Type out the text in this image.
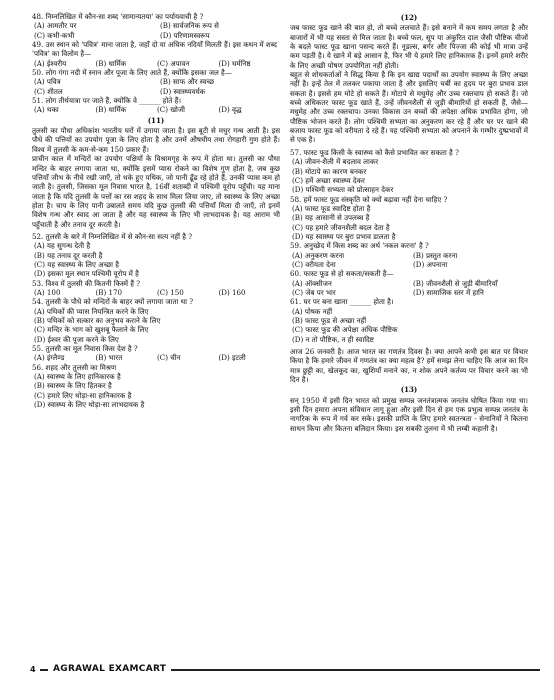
48. निम्नलिखित में कौन-सा शब्द 'सामान्यतया' का पर्यायवाची है ?

(A) आमतौर पर	(B) सार्वजनिक रूप से
(C) कभी-कभी	(D) परिणामस्वरूप

49. उस स्थान को 'पवित्र' माना जाता है, जहाँ दो या अधिक नदियाँ मिलती हैं। इस कथन में शब्द 'पवित्र' का विलोम है—

(A) ईश्वरीय	(B) धार्मिक	(C) अपावन	(D) धर्मनिष्ठ

50. लोग गंगा नदी में स्नान और पूजा के लिए आते हैं, क्योंकि इसका जल है—

(A) पवित्र	(B) साफ और स्वच्छ
(C) शीतल	(D) स्वास्थ्यवर्धक

51. लोग तीर्थयात्रा पर जाते हैं, क्योंकि वे ______ होते हैं।

(A) थका	(B) धार्मिक	(C) खोजी	(D) वृद्ध
(11)

तुलसी का पौधा अधिकांश भारतीय घरों में उगाया जाता है। इस बूटी से मधुर गन्ध आती है। इस पौधे की पत्तियों का उपयोग पूजा के लिए होता है और उनमें औषधीय तथा रोगहारी गुण होते हैं। विश्व में तुलसी के कम-से-कम 150 प्रकार हैं।

प्राचीन काल में मन्दिरों का उपयोग पक्षियों के विश्रामगृह के रूप में होता था। तुलसी का पौधा मन्दिर के बाहर लगाया जाता था, क्योंकि इसमें प्यास रोकने का विशेष गुण होता है, जब कुछ पत्तियाँ जीभ के नीचे रखी जाएँ, तो थके हुए पथिक, जो पानी ढूँढ रहे होते हैं, उनकी प्यास कम हो जाती है। तुलसी, जिसका मूल निवास भारत है, 16वीं शताब्दी में पश्चिमी यूरोप पहुँची। यह माना जाता है कि यदि तुलसी के पत्तों का रस शहद के साथ मिला लिया जाए, तो स्वास्थ्य के लिए अच्छा होता है। चाय के लिए पानी उबालते समय यदि कुछ तुलसी की पत्तियाँ मिला दी जाएँ, तो इनमें विशेष गन्ध और स्वाद आ जाता है और यह स्वास्थ्य के लिए भी लाभदायक है। यह आराम भी पहुँचाती है और तनाव दूर करती है।

52. तुलसी के बारे में निम्नलिखित में से कौन-सा सत्य नहीं है ?

(A) यह सुगन्ध देती है
(B) यह तनाव दूर करती है
(C) यह स्वास्थ्य के लिए अच्छा है
(D) इसका मूल स्थान पश्चिमी यूरोप में है

53. विश्व में तुलसी की कितनी किस्में हैं ?

(A) 100	(B) 170	(C) 150	(D) 160

54. तुलसी के पौधे को मन्दिरों के बाहर क्यों लगाया जाता था ?

(A) पथिकों की प्यास नियन्त्रित करने के लिए
(B) पथिकों को सत्कार का अनुभव कराने के लिए
(C) मन्दिर के भाग को खुशबू फैलाने के लिए
(D) ईश्वर की पूजा करने के लिए

55. तुलसी का मूल निवास किस देश है ?

(A) इंग्लैण्ड	(B) भारत	(C) चीन	(D) इटली

56. शहद और तुलसी का मिश्रण

(A) स्वास्थ्य के लिए हानिकारक है
(B) स्वास्थ्य के लिए हितकर है
(C) हमारे लिए थोड़ा-सा हानिकारक है
(D) स्वास्थ्य के लिए थोड़ा-सा लाभदायक है
(12)

जब फास्ट फूड खाने की बात हो, तो बच्चे ललचाते हैं। इसे बनाने में कम समय लगता है और बाजारों में भी यह सस्ता से मिल जाता है। बच्चे फल, सूप या अंकुरित दाल जैसी पौष्टिक चीजों के बदले फास्ट फूड खाना पसन्द करते हैं। नूडल्स, बर्गर और पिज्जा की कोई भी मात्रा उन्हें कम पड़ती है। ये खाने में बड़े आसान है, फिर भी ये हमारे लिए हानिकारक हैं। इनमें हमारे शरीर के लिए अच्छी पोषण उपयोगिता नहीं होती।

बहुत से शोधकर्ताओं ने सिद्ध किया है कि इन खाद्य पदार्थों का उपयोग स्वास्थ्य के लिए अच्छा नहीं है। इन्हें तेल में तलकर पकाया जाता है और इसलिए चर्बी का हृदय पर बुरा प्रभाव डाल सकता है। इससे हम मोटे हो सकते हैं। मोटापे से मधुमेह और उच्च रक्तचाप हो सकते हैं। जो बच्चे अधिकतर फास्ट फूड खाते हैं, उन्हें जीवनशैली से जुड़ी बीमारियों हो सकती हैं, जैसे—मधुमेह और उच्च रक्तचाप। उनका विकास उन बच्चों की अपेक्षा अधिक प्रभावित होगा, जो पौष्टिक भोजन करते हैं। लोग पश्चिमी सभ्यता का अनुकरण कर रहे हैं और घर पर खाने की बजाय फास्ट फूड को वरीयता दे रहे हैं। यह पश्चिमी सभ्यता को अपनाने के गम्भीर दुष्प्रभावों में से एक है।

57. फास्ट फूड किसी के स्वास्थ्य को कैसे प्रभावित कर सकता है ?

(A) जीवन-शैली में बदलाव लाकर
(B) मोटापे का कारण बनकर
(C) हमें अच्छा स्वास्थ्य देकर
(D) पश्चिमी सभ्यता को प्रोत्साहन देकर

58. हमें फास्ट फूड संस्कृति को क्यों बढ़ावा नहीं देना चाहिए ?

(A) फास्ट फूड स्वादिष्ट होता है
(B) यह आसानी से उपलब्ध है
(C) यह हमारे जीवनशैली बदल देता है
(D) यह स्वास्थ्य पर बुरा प्रभाव डालता है

59. अनुच्छेद में किस शब्द का अर्थ 'नकल करना' है ?

(A) अनुकरण करना	(B) प्रस्तुत करना
(C) वरीयता देना	(D) अपनाना

60. फास्ट फूड से हो सकता/सकती है—

(A) ऑक्सीजन	(B) जीवनशैली से जुड़ी बीमारियाँ
(C) जेब पर भार	(D) सामाजिक स्तर में हानि

61. घर पर बना खाना ______ होता है।

(A) पोषक नहीं
(B) फास्ट फूड से अच्छा नहीं
(C) फास्ट फूड की अपेक्षा अधिक पौष्टिक
(D) न तो पौष्टिक, न ही स्वादिष्ट

आज 26 जनवरी है। आज भारत का गणतंत्र दिवस है। क्या आपने कभी इस बात पर विचार किया है कि हमारे जीवन में गणतंत्र का क्या महत्व है? हमें समझ लेना चाहिए कि आज का दिन मात्र छुट्टी का, खेलकूद का, खुशियाँ मनाने का, न शोक अपने कर्तव्य पर विचार करने का भी दिन है।

(13)

सन् 1950 में इसी दिन भारत को प्रमुख सम्पन्न जनतंत्रात्मक जनतंत्र घोषित किया गया था। इसी दिन हमारा अपना संविधान लागू हुआ और इसी दिन से हम एक प्रभुत्व सम्पन्न जनतंत्र के नागरिक के रूप में गर्व कर सके। इसकी प्राप्ति के लिए हमारे स्वतन्त्रता - सेनानियों ने कितना साधन किया और कितना बलिदान किया। इस सबकी तुलना में भी लम्बी कहानी है।

4	AGRAWAL EXAMCART
